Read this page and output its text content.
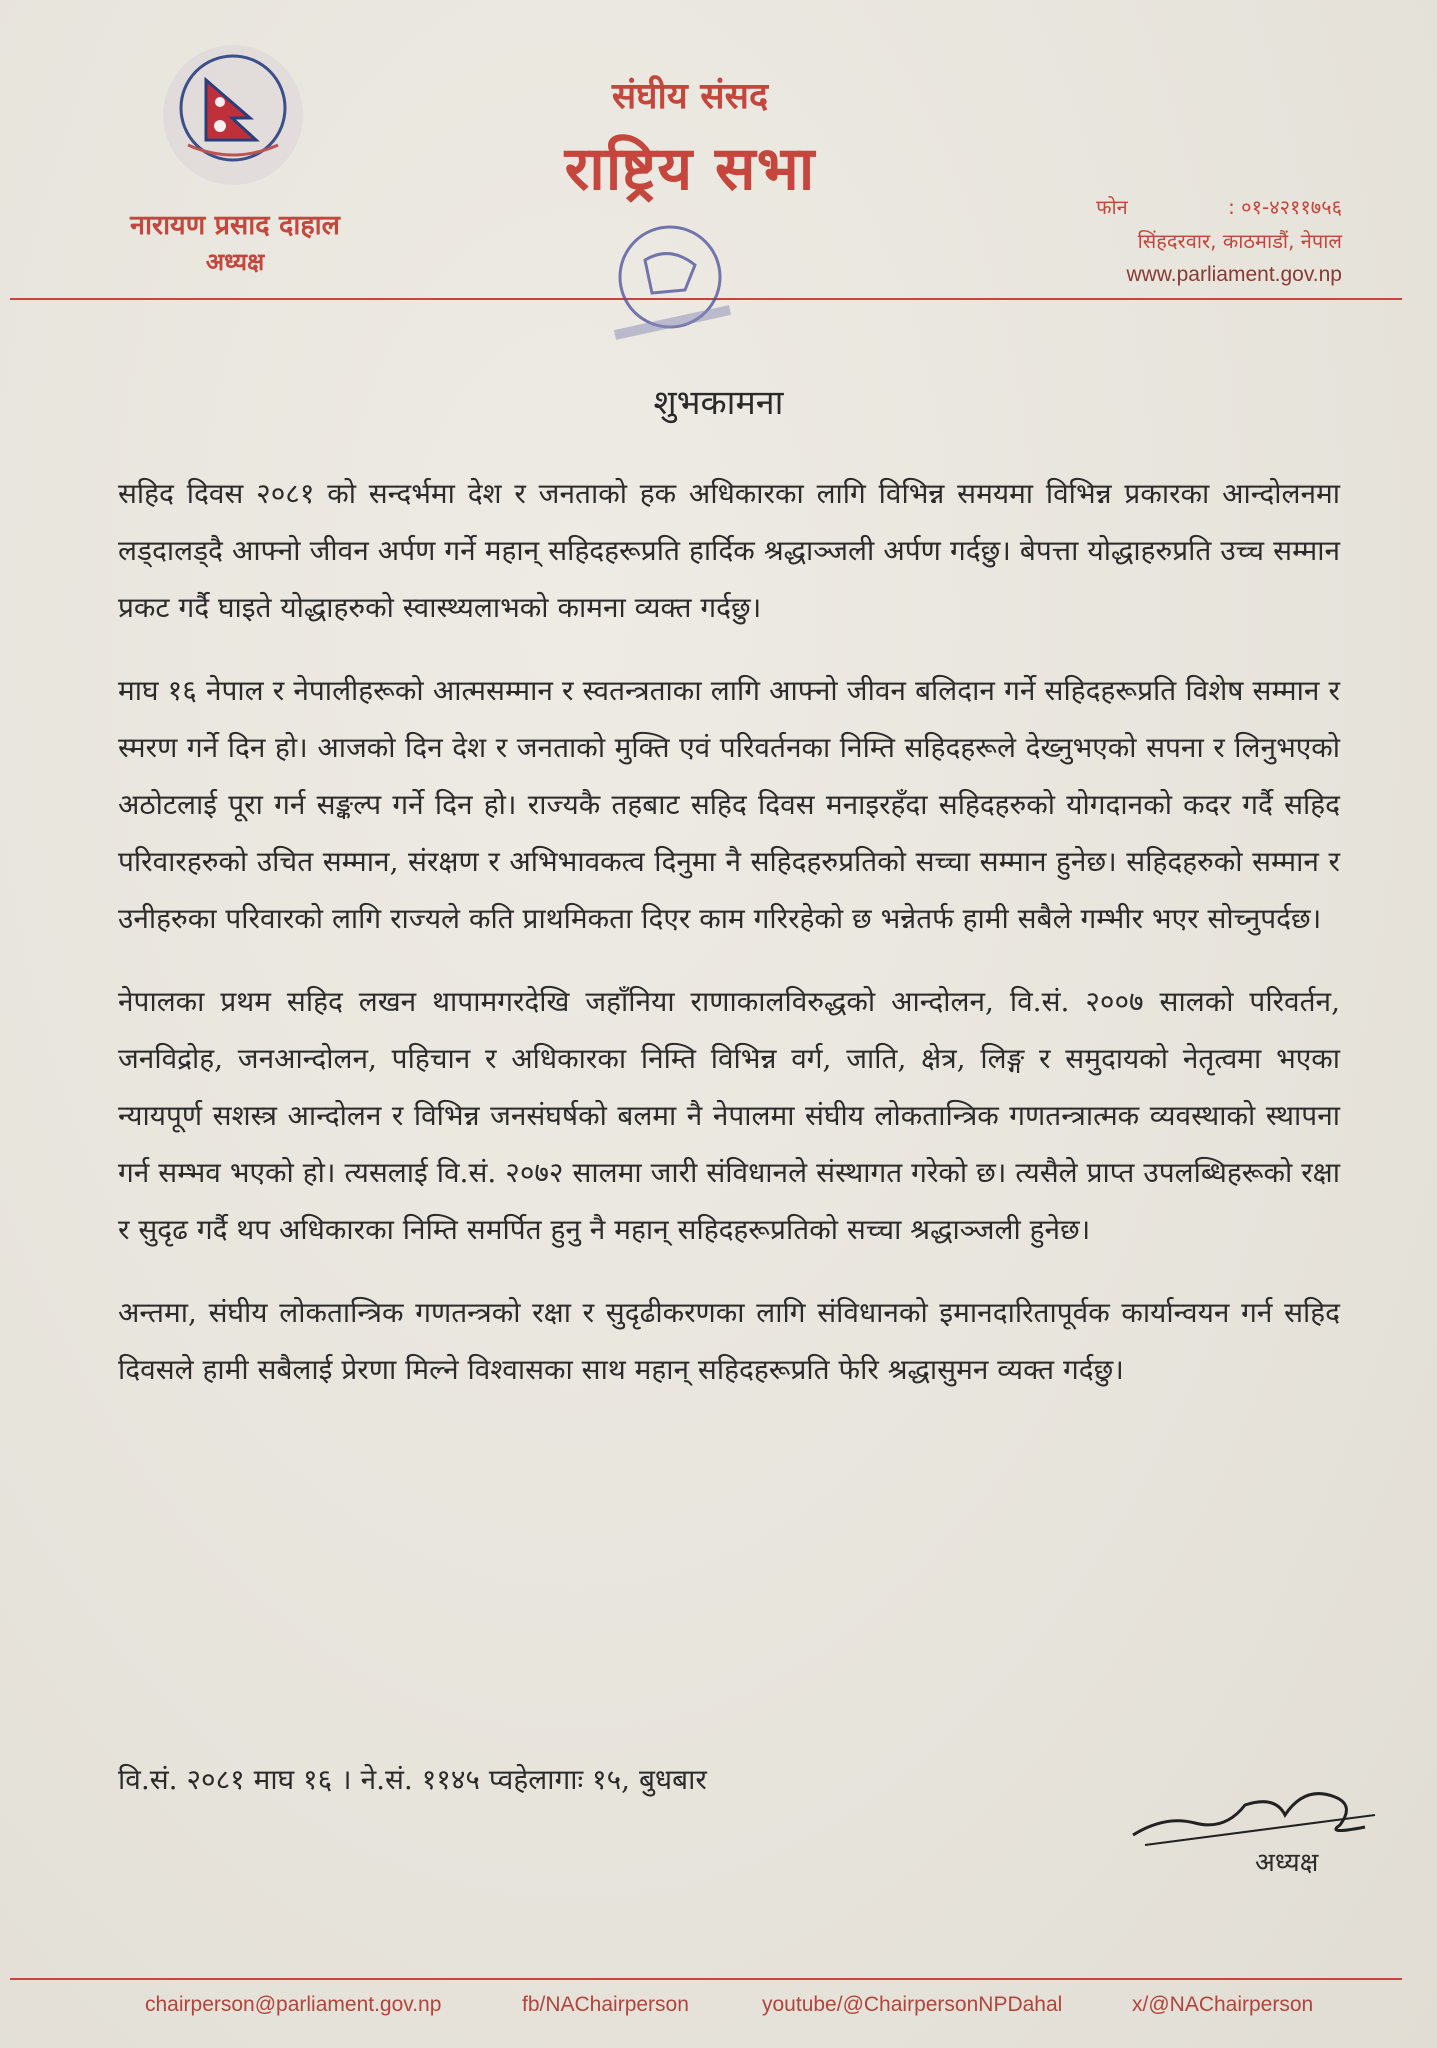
नारायण प्रसाद दाहाल
अध्यक्ष
संघीय संसद
राष्ट्रिय सभा
फोन	: ०१-४२११७५६
सिंहदरवार, काठमाडौं, नेपाल
www.parliament.gov.np
शुभकामना

सहिद दिवस २०८१ को सन्दर्भमा देश र जनताको हक अधिकारका लागि विभिन्न समयमा विभिन्न प्रकारका आन्दोलनमा लड्दालड्दै आफ्नो जीवन अर्पण गर्ने महान् सहिदहरूप्रति हार्दिक श्रद्धाञ्जली अर्पण गर्दछु। बेपत्ता योद्धाहरुप्रति उच्च सम्मान प्रकट गर्दै घाइते योद्धाहरुको स्वास्थ्यलाभको कामना व्यक्त गर्दछु।

माघ १६ नेपाल र नेपालीहरूको आत्मसम्मान र स्वतन्त्रताका लागि आफ्नो जीवन बलिदान गर्ने सहिदहरूप्रति विशेष सम्मान र स्मरण गर्ने दिन हो। आजको दिन देश र जनताको मुक्ति एवं परिवर्तनका निम्ति सहिदहरूले देख्नुभएको सपना र लिनुभएको अठोटलाई पूरा गर्न सङ्कल्प गर्ने दिन हो। राज्यकै तहबाट सहिद दिवस मनाइरहँदा सहिदहरुको योगदानको कदर गर्दै सहिद परिवारहरुको उचित सम्मान, संरक्षण र अभिभावकत्व दिनुमा नै सहिदहरुप्रतिको सच्चा सम्मान हुनेछ। सहिदहरुको सम्मान र उनीहरुका परिवारको लागि राज्यले कति प्राथमिकता दिएर काम गरिरहेको छ भन्नेतर्फ हामी सबैले गम्भीर भएर सोच्नुपर्दछ।

नेपालका प्रथम सहिद लखन थापामगरदेखि जहाँनिया राणाकालविरुद्धको आन्दोलन, वि.सं. २००७ सालको परिवर्तन, जनविद्रोह, जनआन्दोलन, पहिचान र अधिकारका निम्ति विभिन्न वर्ग, जाति, क्षेत्र, लिङ्ग र समुदायको नेतृत्वमा भएका न्यायपूर्ण सशस्त्र आन्दोलन र विभिन्न जनसंघर्षको बलमा नै नेपालमा संघीय लोकतान्त्रिक गणतन्त्रात्मक व्यवस्थाको स्थापना गर्न सम्भव भएको हो। त्यसलाई वि.सं. २०७२ सालमा जारी संविधानले संस्थागत गरेको छ। त्यसैले प्राप्त उपलब्धिहरूको रक्षा र सुदृढ गर्दै थप अधिकारका निम्ति समर्पित हुनु नै महान् सहिदहरूप्रतिको सच्चा श्रद्धाञ्जली हुनेछ।

अन्तमा, संघीय लोकतान्त्रिक गणतन्त्रको रक्षा र सुदृढीकरणका लागि संविधानको इमानदारितापूर्वक कार्यान्वयन गर्न सहिद दिवसले हामी सबैलाई प्रेरणा मिल्ने विश्वासका साथ महान् सहिदहरूप्रति फेरि श्रद्धासुमन व्यक्त गर्दछु।

वि.सं. २०८१ माघ १६ । ने.सं. ११४५ प्वहेलागाः १५, बुधबार
अध्यक्ष
chairperson@parliament.gov.np	fb/NAChairperson	youtube/@ChairpersonNPDahal	x/@NAChairperson
